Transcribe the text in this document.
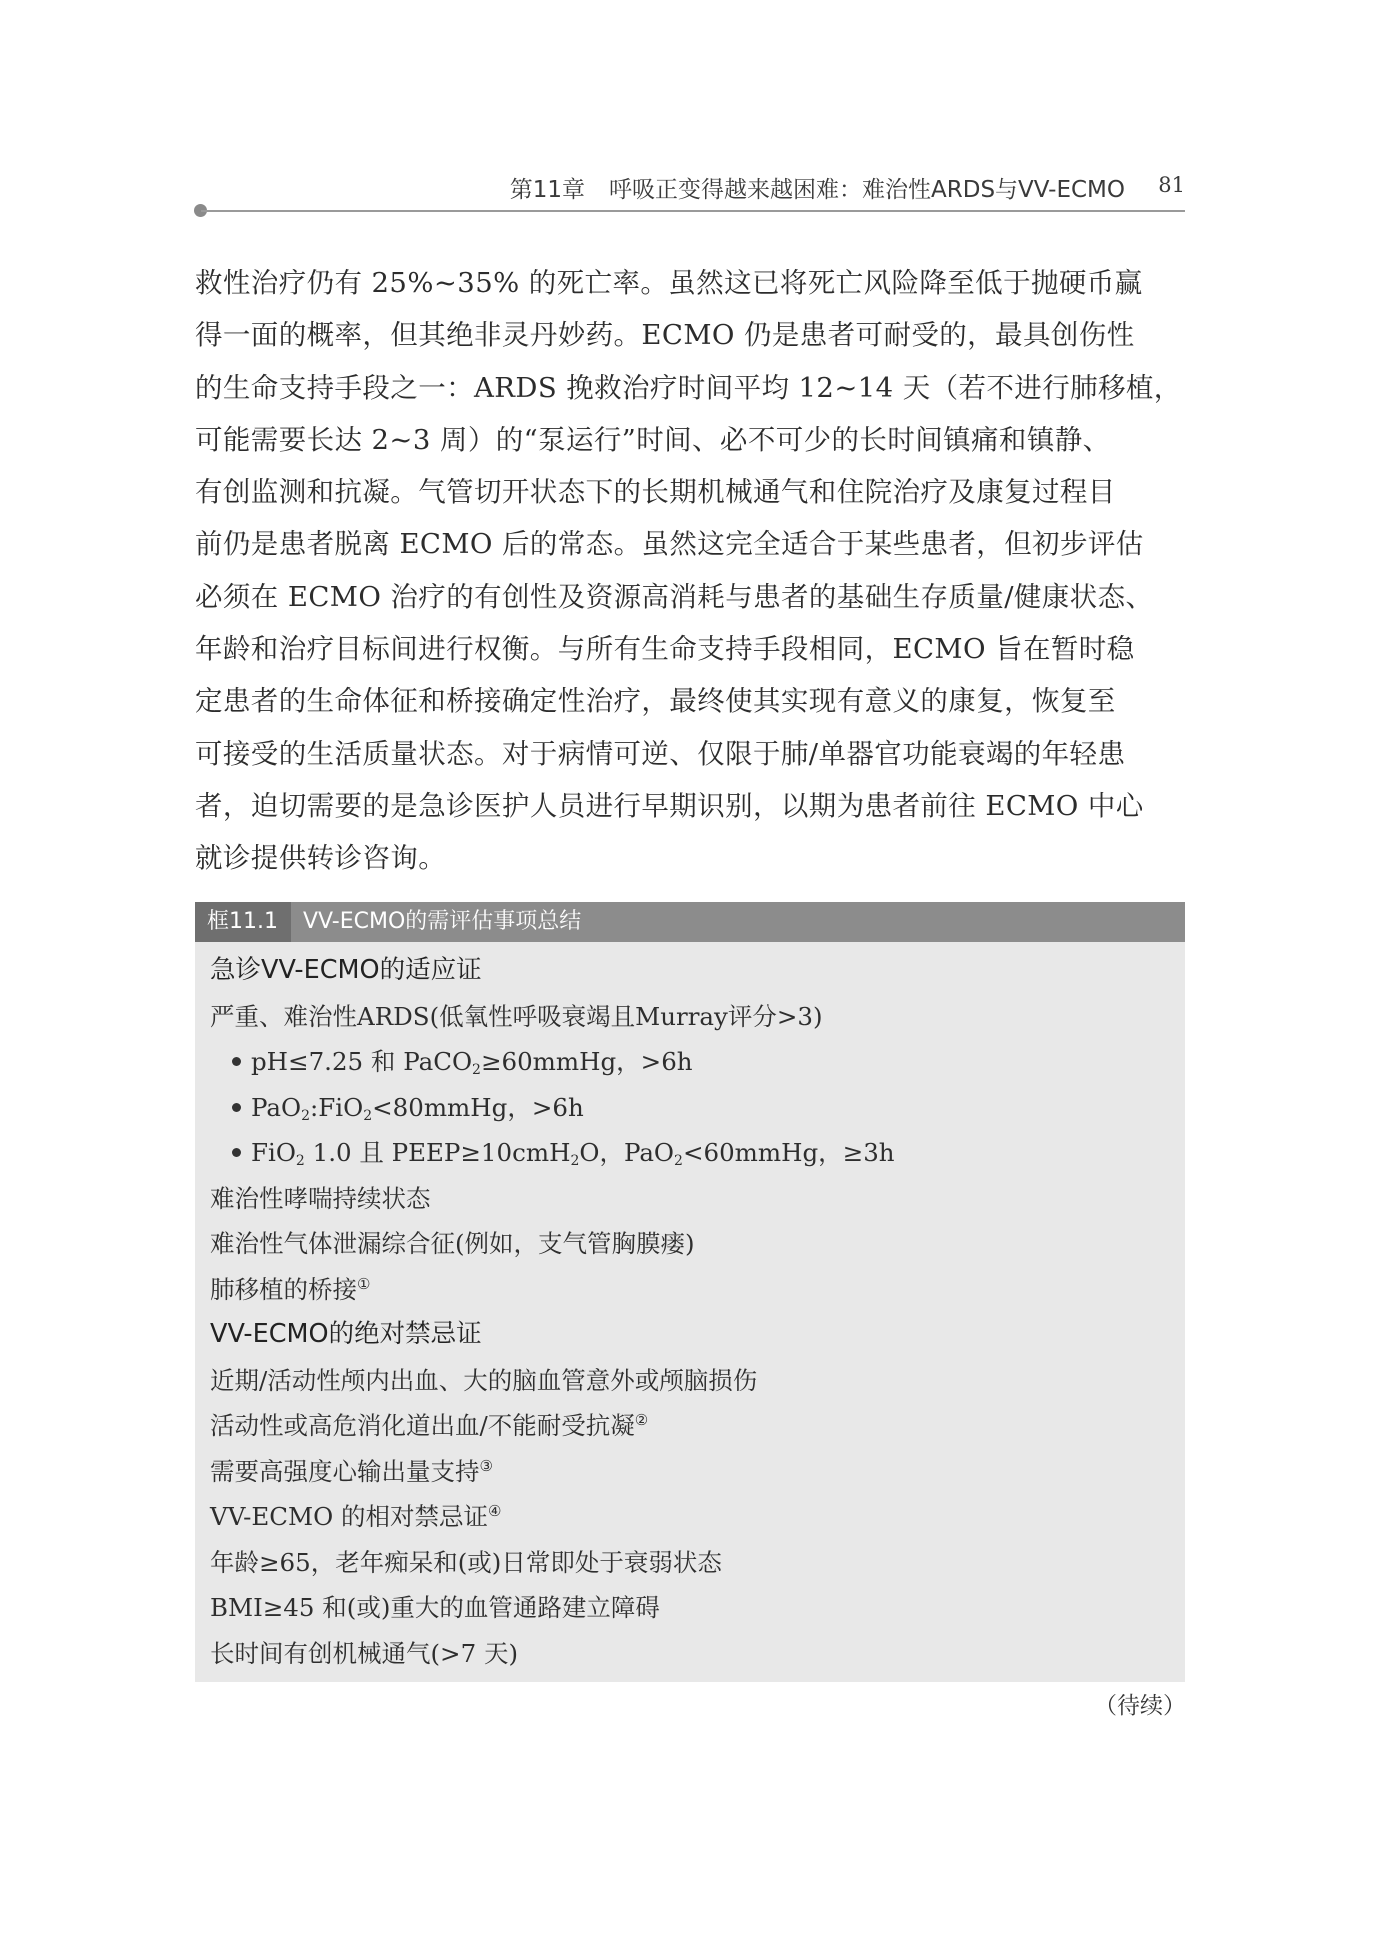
第11章 呼吸正变得越来越困难：难治性ARDS与VV-ECMO 81

救性治疗仍有 25%~35% 的死亡率。虽然这已将死亡风险降至低于抛硬币赢

得一面的概率，但其绝非灵丹妙药。ECMO 仍是患者可耐受的，最具创伤性

的生命支持手段之一：ARDS 挽救治疗时间平均 12~14 天（若不进行肺移植，

可能需要长达 2~3 周）的“泵运行”时间、必不可少的长时间镇痛和镇静、

有创监测和抗凝。气管切开状态下的长期机械通气和住院治疗及康复过程目

前仍是患者脱离 ECMO 后的常态。虽然这完全适合于某些患者，但初步评估

必须在 ECMO 治疗的有创性及资源高消耗与患者的基础生存质量/健康状态、

年龄和治疗目标间进行权衡。与所有生命支持手段相同，ECMO 旨在暂时稳

定患者的生命体征和桥接确定性治疗，最终使其实现有意义的康复，恢复至

可接受的生活质量状态。对于病情可逆、仅限于肺/单器官功能衰竭的年轻患

者，迫切需要的是急诊医护人员进行早期识别，以期为患者前往 ECMO 中心

就诊提供转诊咨询。

框11.1	VV-ECMO的需评估事项总结
急诊VV-ECMO的适应证
严重、难治性ARDS(低氧性呼吸衰竭且Murray评分>3)
pH≤7.25 和 PaCO$_2$≥60mmHg，>6h
PaO$_2$:FiO$_2$<80mmHg，>6h
FiO$_2$ 1.0 且 PEEP≥10cmH$_2$O，PaO$_2$<60mmHg，≥3h
难治性哮喘持续状态
难治性气体泄漏综合征(例如，支气管胸膜瘘)
肺移植的桥接①
VV-ECMO的绝对禁忌证
近期/活动性颅内出血、大的脑血管意外或颅脑损伤
活动性或高危消化道出血/不能耐受抗凝②
需要高强度心输出量支持③
VV-ECMO 的相对禁忌证④
年龄≥65，老年痴呆和(或)日常即处于衰弱状态
BMI≥45 和(或)重大的血管通路建立障碍
长时间有创机械通气(>7 天)
（待续）
